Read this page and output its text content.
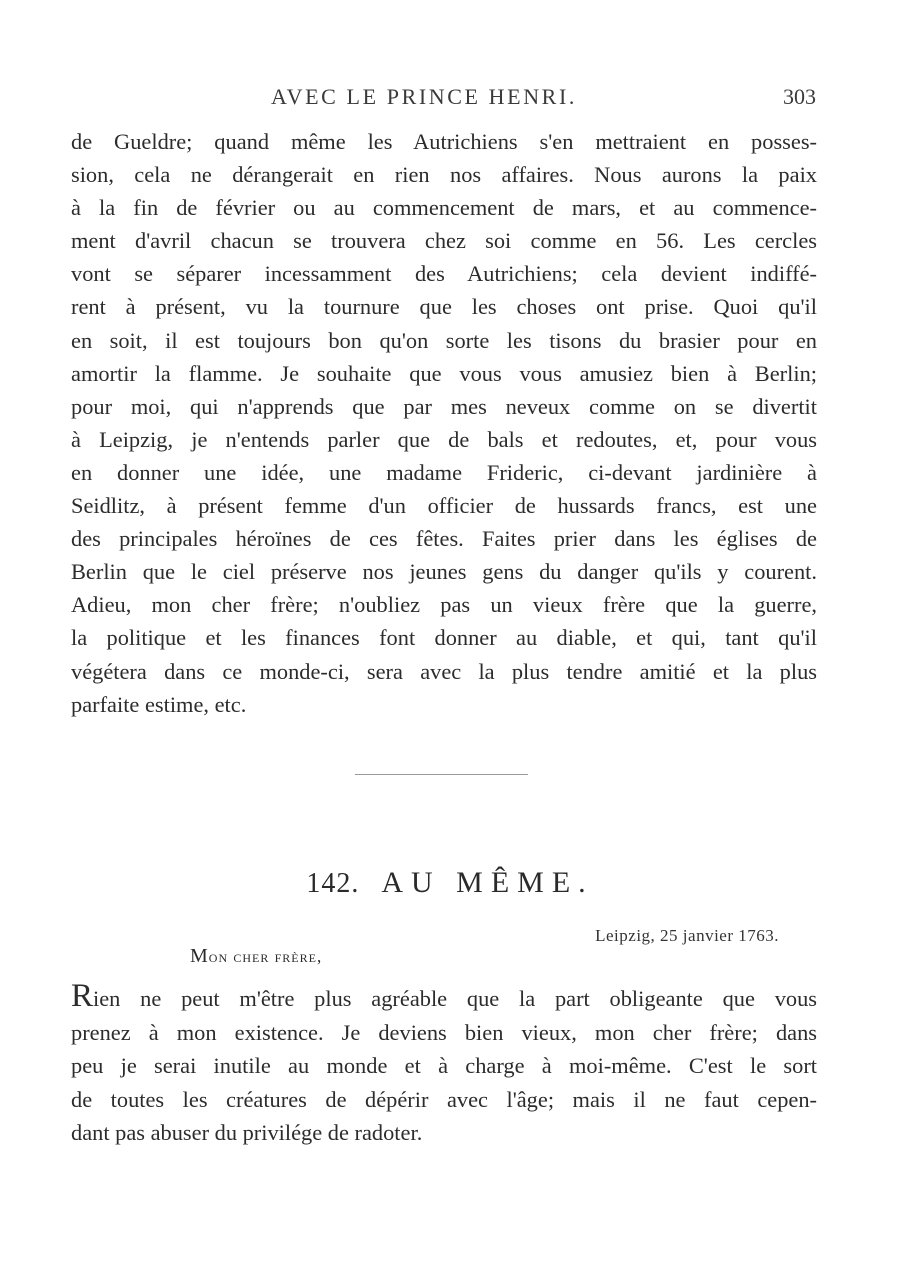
AVEC LE PRINCE HENRI.	303
de Gueldre; quand même les Autrichiens s'en mettraient en posses-
sion, cela ne dérangerait en rien nos affaires. Nous aurons la paix
à la fin de février ou au commencement de mars, et au commence-
ment d'avril chacun se trouvera chez soi comme en 56. Les cercles
vont se séparer incessamment des Autrichiens; cela devient indiffé-
rent à présent, vu la tournure que les choses ont prise. Quoi qu'il
en soit, il est toujours bon qu'on sorte les tisons du brasier pour en
amortir la flamme. Je souhaite que vous vous amusiez bien à Berlin;
pour moi, qui n'apprends que par mes neveux comme on se divertit
à Leipzig, je n'entends parler que de bals et redoutes, et, pour vous
en donner une idée, une madame Frideric, ci-devant jardinière à
Seidlitz, à présent femme d'un officier de hussards francs, est une
des principales héroïnes de ces fêtes. Faites prier dans les églises de
Berlin que le ciel préserve nos jeunes gens du danger qu'ils y courent.
Adieu, mon cher frère; n'oubliez pas un vieux frère que la guerre,
la politique et les finances font donner au diable, et qui, tant qu'il
végétera dans ce monde-ci, sera avec la plus tendre amitié et la plus
parfaite estime, etc.
142. AU MÊME.
Leipzig, 25 janvier 1763.
Mon cher frère,
Rien ne peut m'être plus agréable que la part obligeante que vous
prenez à mon existence. Je deviens bien vieux, mon cher frère; dans
peu je serai inutile au monde et à charge à moi-même. C'est le sort
de toutes les créatures de dépérir avec l'âge; mais il ne faut cepen-
dant pas abuser du privilége de radoter.
